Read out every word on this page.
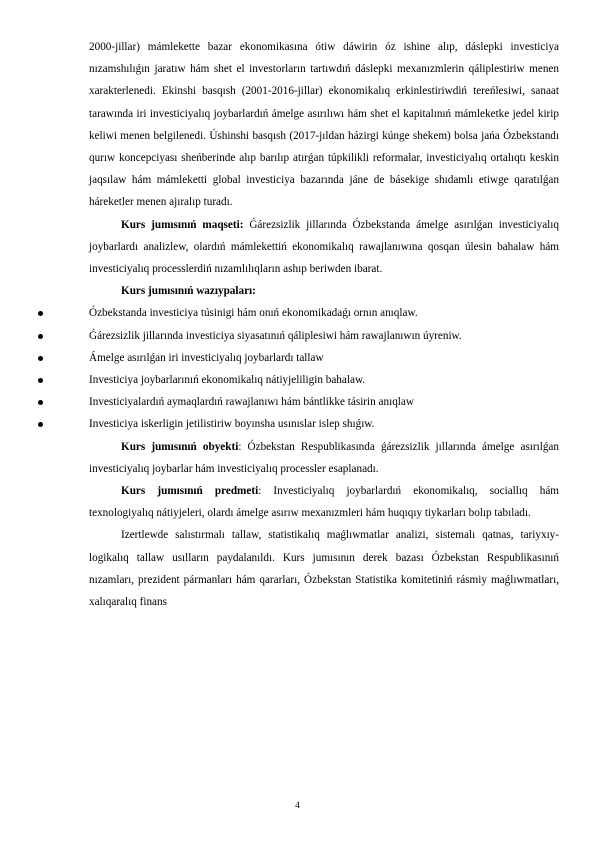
2000-jillar) mámlekette bazar ekonomikasına ótiw dáwirin óz ishine alıp, dáslepki investiciya nızamshılıǵın jaratıw hám shet el investorların tartıwdıń dáslepki mexanızmlerin qáliplestiriw menen xarakterlenedi. Ekinshi basqısh (2001-2016-jillar) ekonomikalıq erkinlestiriwdiń tereńlesiwi, sanaat tarawında iri investiciyalıq joybarlardıń ámelge asırılıwı hám shet el kapitalınıń mámleketke jedel kirip keliwi menen belgilenedi. Úshinshi basqısh (2017-jıldan házirgi kúnge shekem) bolsa jańa Ózbekstandı qurıw koncepciyası sheńberinde alıp barılıp atırǵan túpkilikli reformalar, investiciyalıq ortalıqtı keskin jaqsılaw hám mámleketti global investiciya bazarında jáne de básekige shıdamlı etiwge qaratılǵan háreketler menen ajıralıp turadı.

Kurs jumısınıń maqseti: Ǵárezsizlik jillarında Ózbekstanda ámelge asırılǵan investiciyalıq joybarlardı analizlew, olardıń mámlekettiń ekonomikalıq rawajlanıwına qosqan úlesin bahalaw hám investiciyalıq processlerdiń nızamlılıqların ashıp beriwden ibarat.

Kurs jumısınıń wazıypaları:

Ózbekstanda investiciya túsinigi hám onıń ekonomikadaǵı ornın anıqlaw.
Ǵárezsizlik jillarında investiciya siyasatınıń qáliplesiwi hám rawajlanıwın úyreniw.
Ámelge asırılǵan iri investiciyalıq joybarlardı tallaw
Investiciya joybarlarınıń ekonomikalıq nátiyjeliligin bahalaw.
Investiciyalardıń aymaqlardıń rawajlanıwı hám bántlikke tásirin anıqlaw
Investiciya iskerligin jetilistiriw boyınsha usınıslar islep shıǵıw.

Kurs jumısınıń obyekti: Ózbekstan Respublikasında ǵárezsizlik jıllarında ámelge asırılǵan investiciyalıq joybarlar hám investiciyalıq processler esaplanadı.

Kurs jumısınıń predmeti: Investiciyalıq joybarlardıń ekonomikalıq, sociallıq hám texnologiyalıq nátiyjeleri, olardı ámelge asırıw mexanızmleri hám huqıqıy tiykarları bolıp tabıladı.

Izertlewde salıstırmalı tallaw, statistikalıq maǵlıwmatlar analizi, sistemalı qatnas, tariyxıy-logikalıq tallaw usılların paydalanıldı. Kurs jumısının derek bazası Ózbekstan Respublikasınıń nızamları, prezident pármanları hám qararları, Ózbekstan Statistika komitetiniń rásmiy maǵlıwmatları, xalıqaralıq finans

4
